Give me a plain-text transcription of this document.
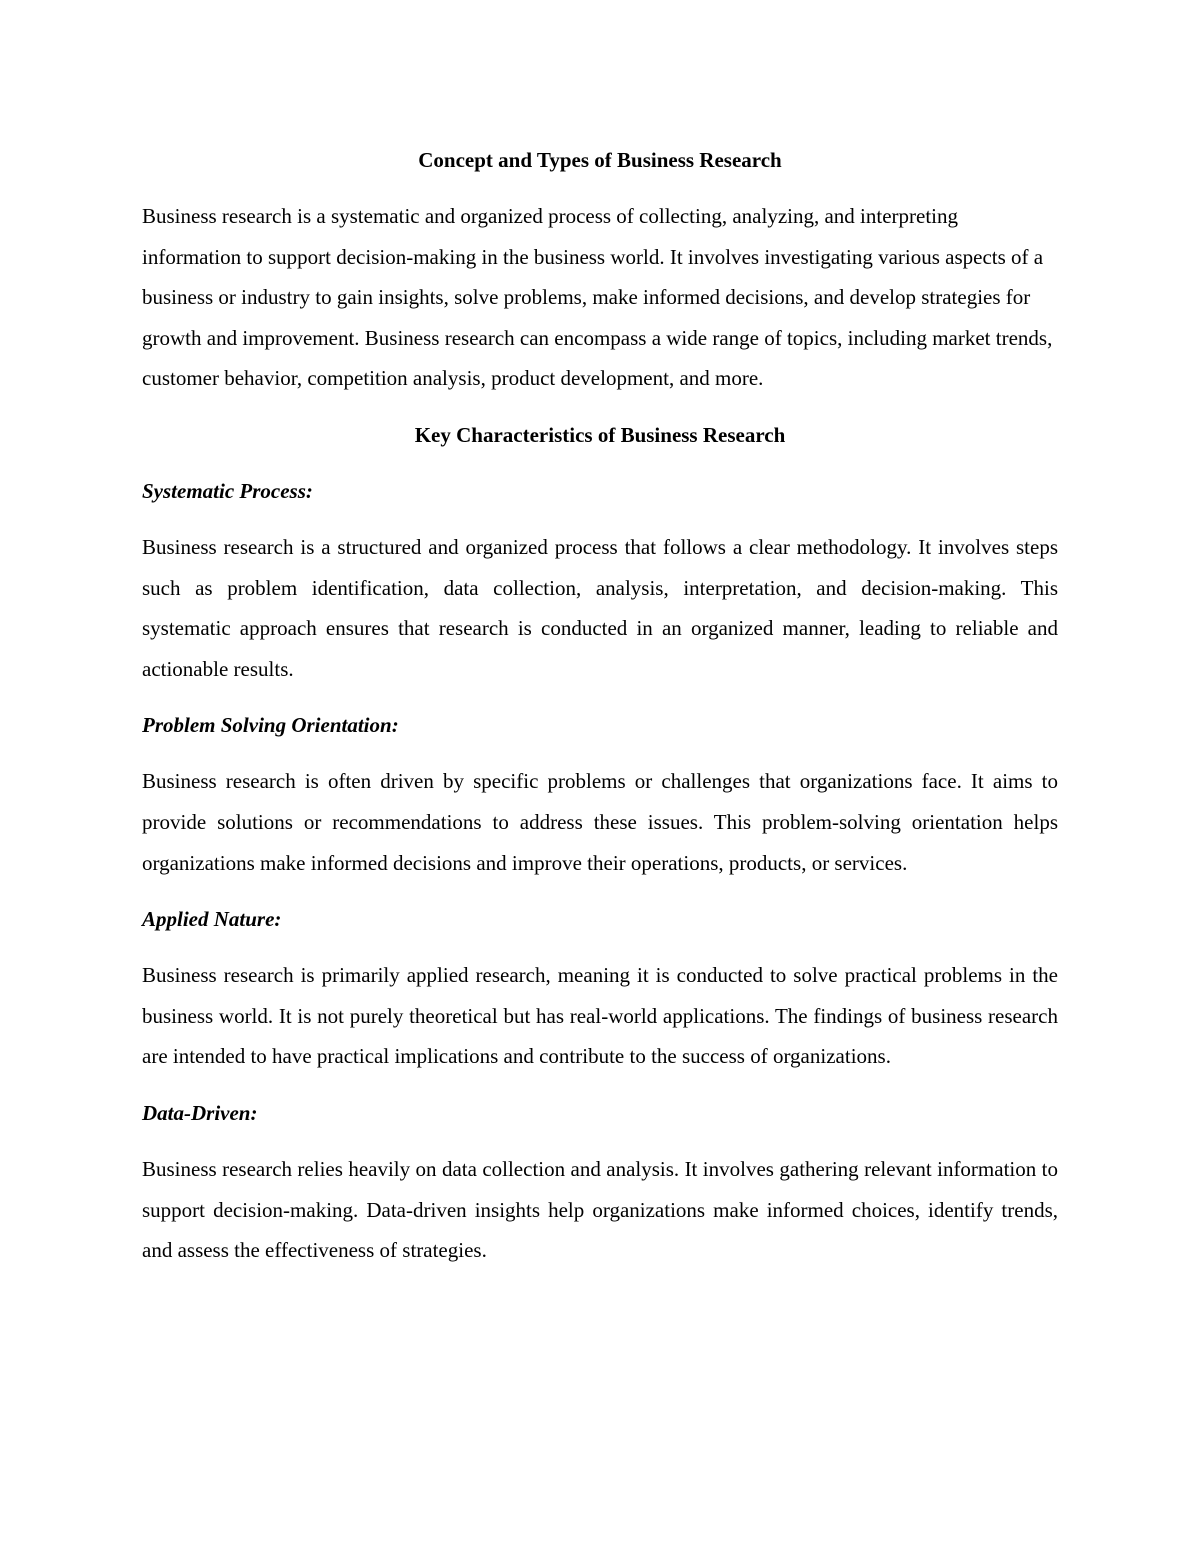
Concept and Types of Business Research
Business research is a systematic and organized process of collecting, analyzing, and interpreting information to support decision-making in the business world. It involves investigating various aspects of a business or industry to gain insights, solve problems, make informed decisions, and develop strategies for growth and improvement. Business research can encompass a wide range of topics, including market trends, customer behavior, competition analysis, product development, and more.
Key Characteristics of Business Research
Systematic Process:
Business research is a structured and organized process that follows a clear methodology. It involves steps such as problem identification, data collection, analysis, interpretation, and decision-making. This systematic approach ensures that research is conducted in an organized manner, leading to reliable and actionable results.
Problem Solving Orientation:
Business research is often driven by specific problems or challenges that organizations face. It aims to provide solutions or recommendations to address these issues. This problem-solving orientation helps organizations make informed decisions and improve their operations, products, or services.
Applied Nature:
Business research is primarily applied research, meaning it is conducted to solve practical problems in the business world. It is not purely theoretical but has real-world applications. The findings of business research are intended to have practical implications and contribute to the success of organizations.
Data-Driven:
Business research relies heavily on data collection and analysis. It involves gathering relevant information to support decision-making. Data-driven insights help organizations make informed choices, identify trends, and assess the effectiveness of strategies.
